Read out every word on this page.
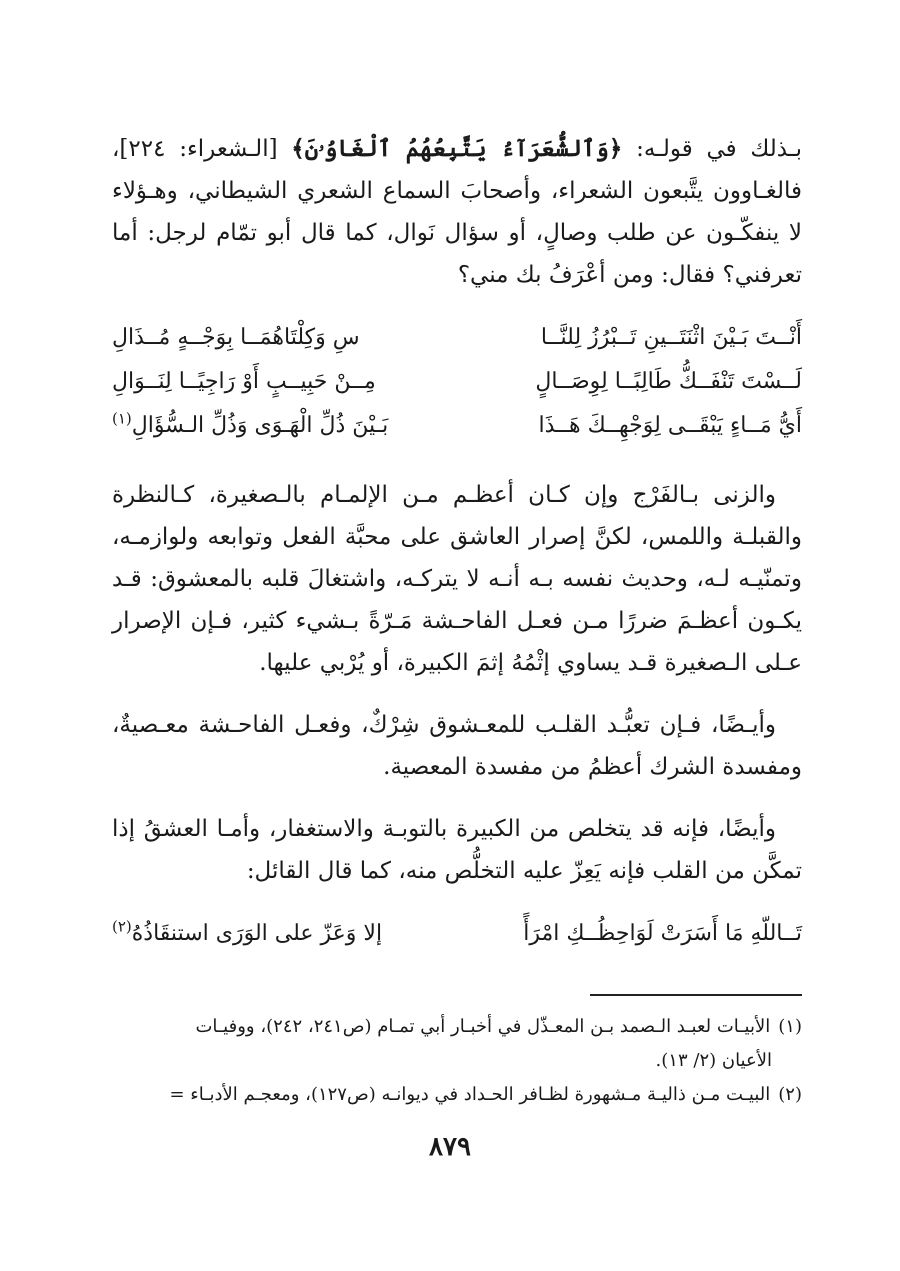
بـذلك في قولـه: ﴿وَٱلشُّعَرَآءُ يَتَّبِعُهُمُ ٱلْغَاوُۥنَ﴾ [الـشعراء: ٢٢٤]، فالغـاوون يتَّبعون الشعراء، وأصحابَ السماع الشعري الشيطاني، وهـؤلاء لا ينفكّـون عن طلب وصالٍ، أو سؤال نَوال، كما قال أبو تمّام لرجل: أما تعرفني؟ فقال: ومن أعْرَفُ بك مني؟

أَنْــتَ بَـيْنَ اثْنَتَــينِ تَــبْرُزُ لِلنَّــا
سِ وَكِلْتَاهُمَــا بِوَجْــهٍ مُــذَالِ
لَــسْتَ تَنْفَــكُّ طَالِبًــا لِوِصَــالٍ
مِــنْ حَبِيــبٍ أَوْ رَاجِيًــا لِنَــوَالِ
أَيُّ مَــاءٍ يَبْقَــى لِوَجْهِــكَ هَــذَا
بَـيْنَ ذُلِّ الْهَـوَى وَذُلِّ الـسُّؤَالِ$^{(١)}$

والزنى بـالفَرْج وإن كـان أعظـم مـن الإلمـام بالـصغيرة، كـالنظرة والقبلـة واللمس، لكنَّ إصرار العاشق على محبَّة الفعل وتوابعه ولوازمـه، وتمنّيـه لـه، وحديث نفسه بـه أنـه لا يتركـه، واشتغالَ قلبه بالمعشوق: قـد يكـون أعظـمَ ضررًا مـن فعـل الفاحـشة مَـرّةً بـشيء كثير، فـإن الإصرار عـلى الـصغيرة قـد يساوي إثْمُهُ إثمَ الكبيرة، أو يُرْبي عليها.

وأيـضًا، فـإن تعبُّـد القلـب للمعـشوق شِرْكٌ، وفعـل الفاحـشة معـصيةٌ، ومفسدة الشرك أعظمُ من مفسدة المعصية.

وأيضًا، فإنه قد يتخلص من الكبيرة بالتوبـة والاستغفار، وأمـا العشقُ إذا تمكَّن من القلب فإنه يَعِزّ عليه التخلُّص منه، كما قال القائل:

تَــاللّهِ مَا أَسَرَتْ لَوَاحِظُــكِ امْرَأً
إلا وَعَزّ على الوَرَى استنقَاذُهُ$^{(٢)}$

(١)الأبيـات لعبـد الـصمد بـن المعـذّل في أخبـار أبي تمـام (ص٢٤١، ٢٤٢)، ووفيـات

الأعيان (٢/ ١٣).

(٢)البيـت مـن ذاليـة مـشهورة لظـافر الحـداد في ديوانـه (ص١٢٧)، ومعجـم الأدبـاء =

٨٧٩
